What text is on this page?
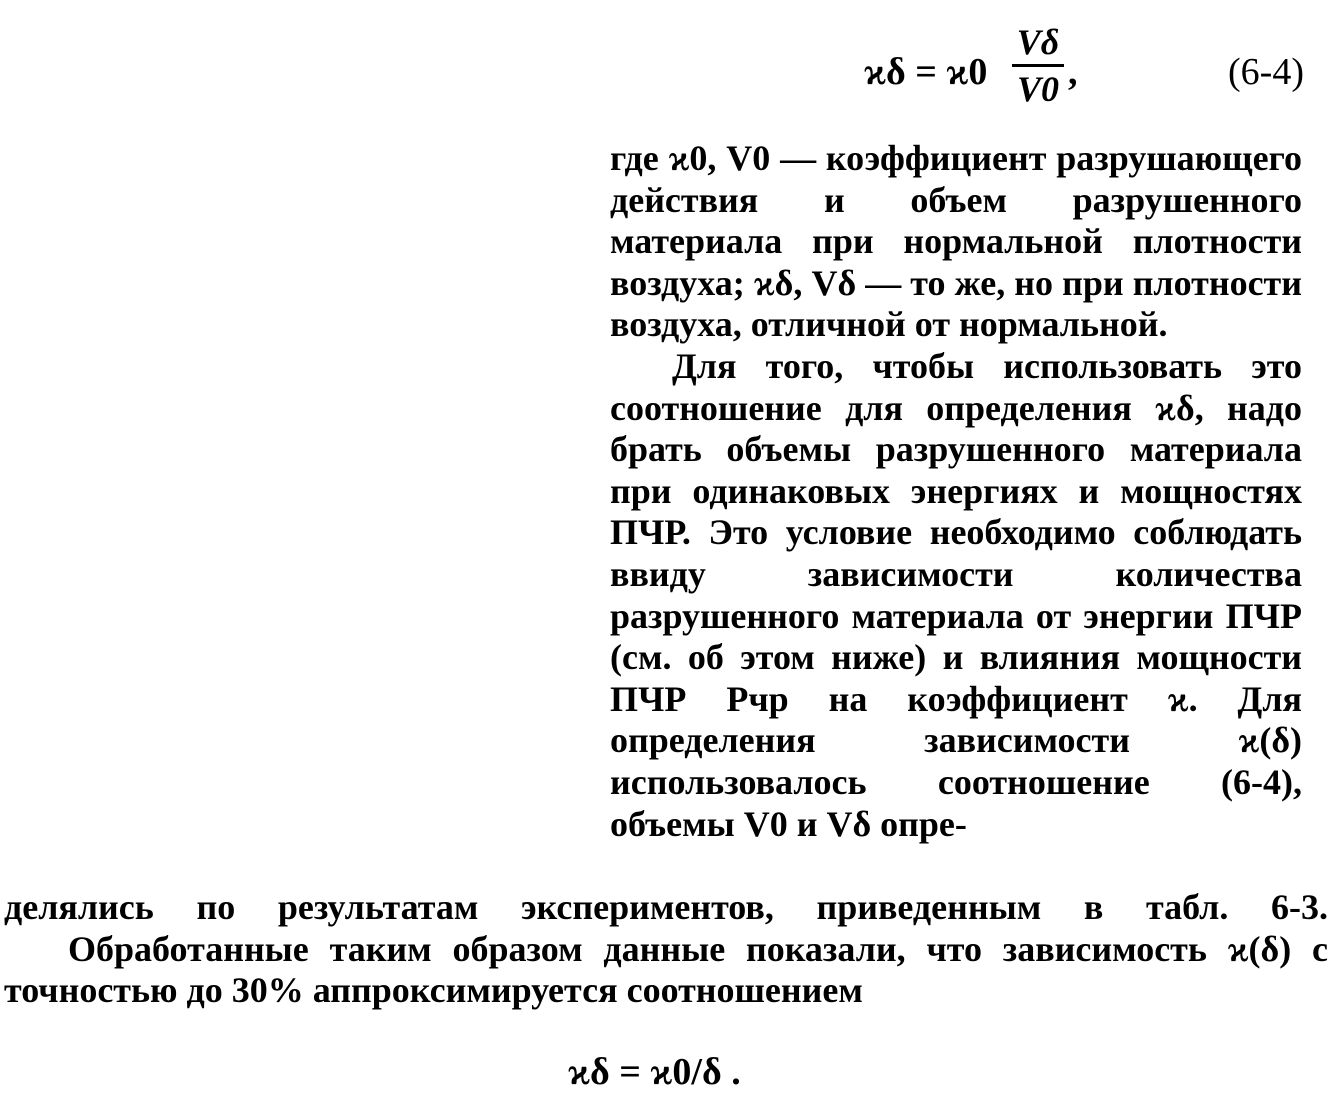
ϰδ = ϰ0
Vδ
V0 ,	(6-4)

где ϰ0, V0 — коэффициент разрушающего действия и объем разрушенного материала при нормальной плотности воздуха; ϰδ, Vδ — то же, но при плотности воздуха, отличной от нормальной.

Для того, чтобы использовать это соотношение для определения ϰδ, надо брать объемы разрушенного материала при одинаковых энергиях и мощностях ПЧР. Это условие необходимо соблюдать ввиду зависимости количества разрушенного материала от энергии ПЧР (см. об этом ниже) и влияния мощности ПЧР Pчр на коэффициент ϰ. Для определения зависимости ϰ(δ) использовалось соотношение (6-4), объемы V0 и Vδ опре-

делялись по результатам экспериментов, приведенным в табл. 6-3.

Обработанные таким образом данные показали, что зависимость ϰ(δ) с точностью до 30% аппроксимируется соотношением

ϰδ = ϰ0/δ .
